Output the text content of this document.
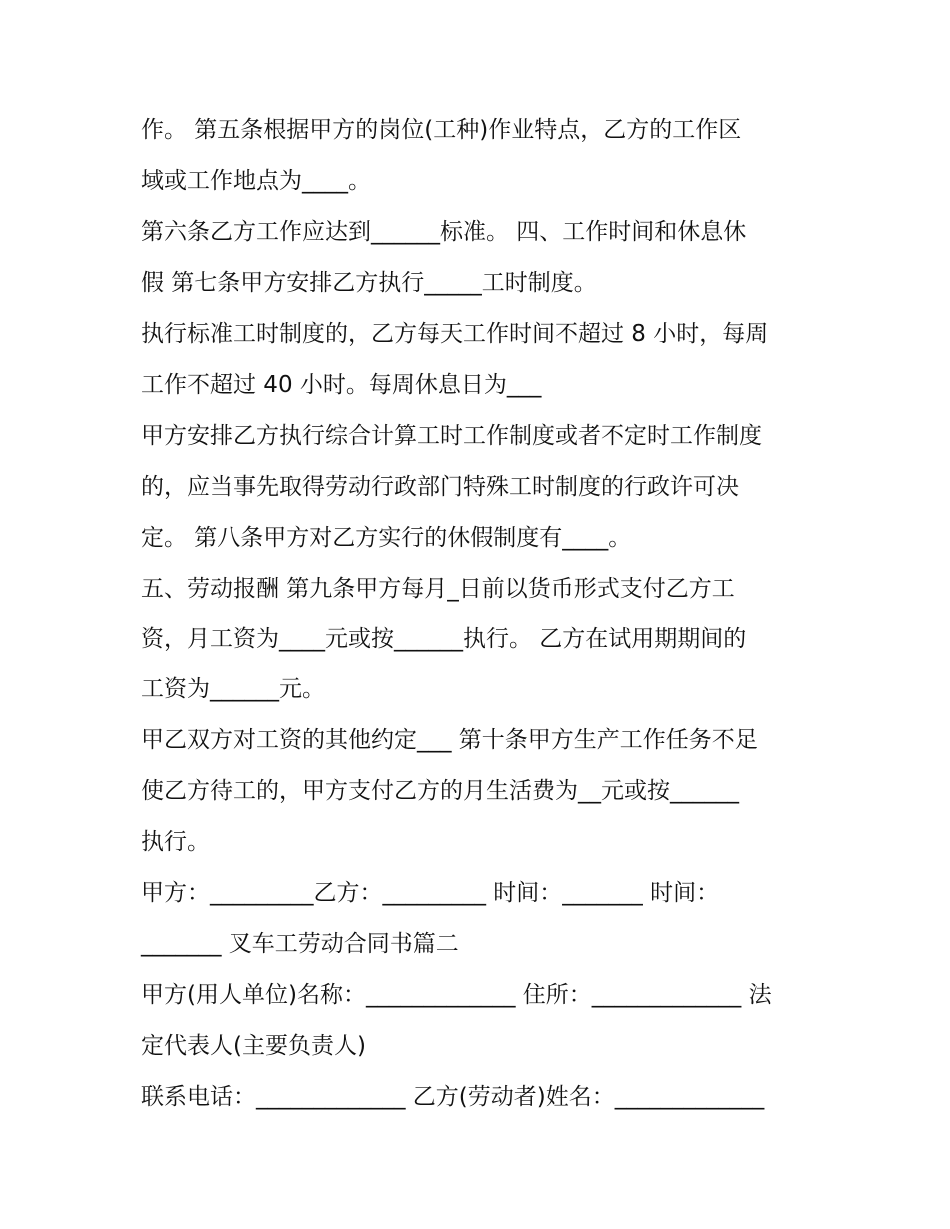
作。 第五条根据甲方的岗位(工种)作业特点，乙方的工作区
域或工作地点为____。
第六条乙方工作应达到______标准。 四、工作时间和休息休
假 第七条甲方安排乙方执行_____工时制度。
执行标准工时制度的，乙方每天工作时间不超过 8 小时，每周
工作不超过 40 小时。每周休息日为___
甲方安排乙方执行综合计算工时工作制度或者不定时工作制度
的，应当事先取得劳动行政部门特殊工时制度的行政许可决
定。 第八条甲方对乙方实行的休假制度有____。
五、劳动报酬 第九条甲方每月_日前以货币形式支付乙方工
资，月工资为____元或按______执行。 乙方在试用期期间的
工资为______元。
甲乙双方对工资的其他约定___ 第十条甲方生产工作任务不足
使乙方待工的，甲方支付乙方的月生活费为__元或按______
执行。
甲方：_________乙方：_________ 时间：_______ 时间：
_______ 叉车工劳动合同书篇二
甲方(用人单位)名称：_____________ 住所：_____________ 法
定代表人(主要负责人)
联系电话：_____________ 乙方(劳动者)姓名：_____________
